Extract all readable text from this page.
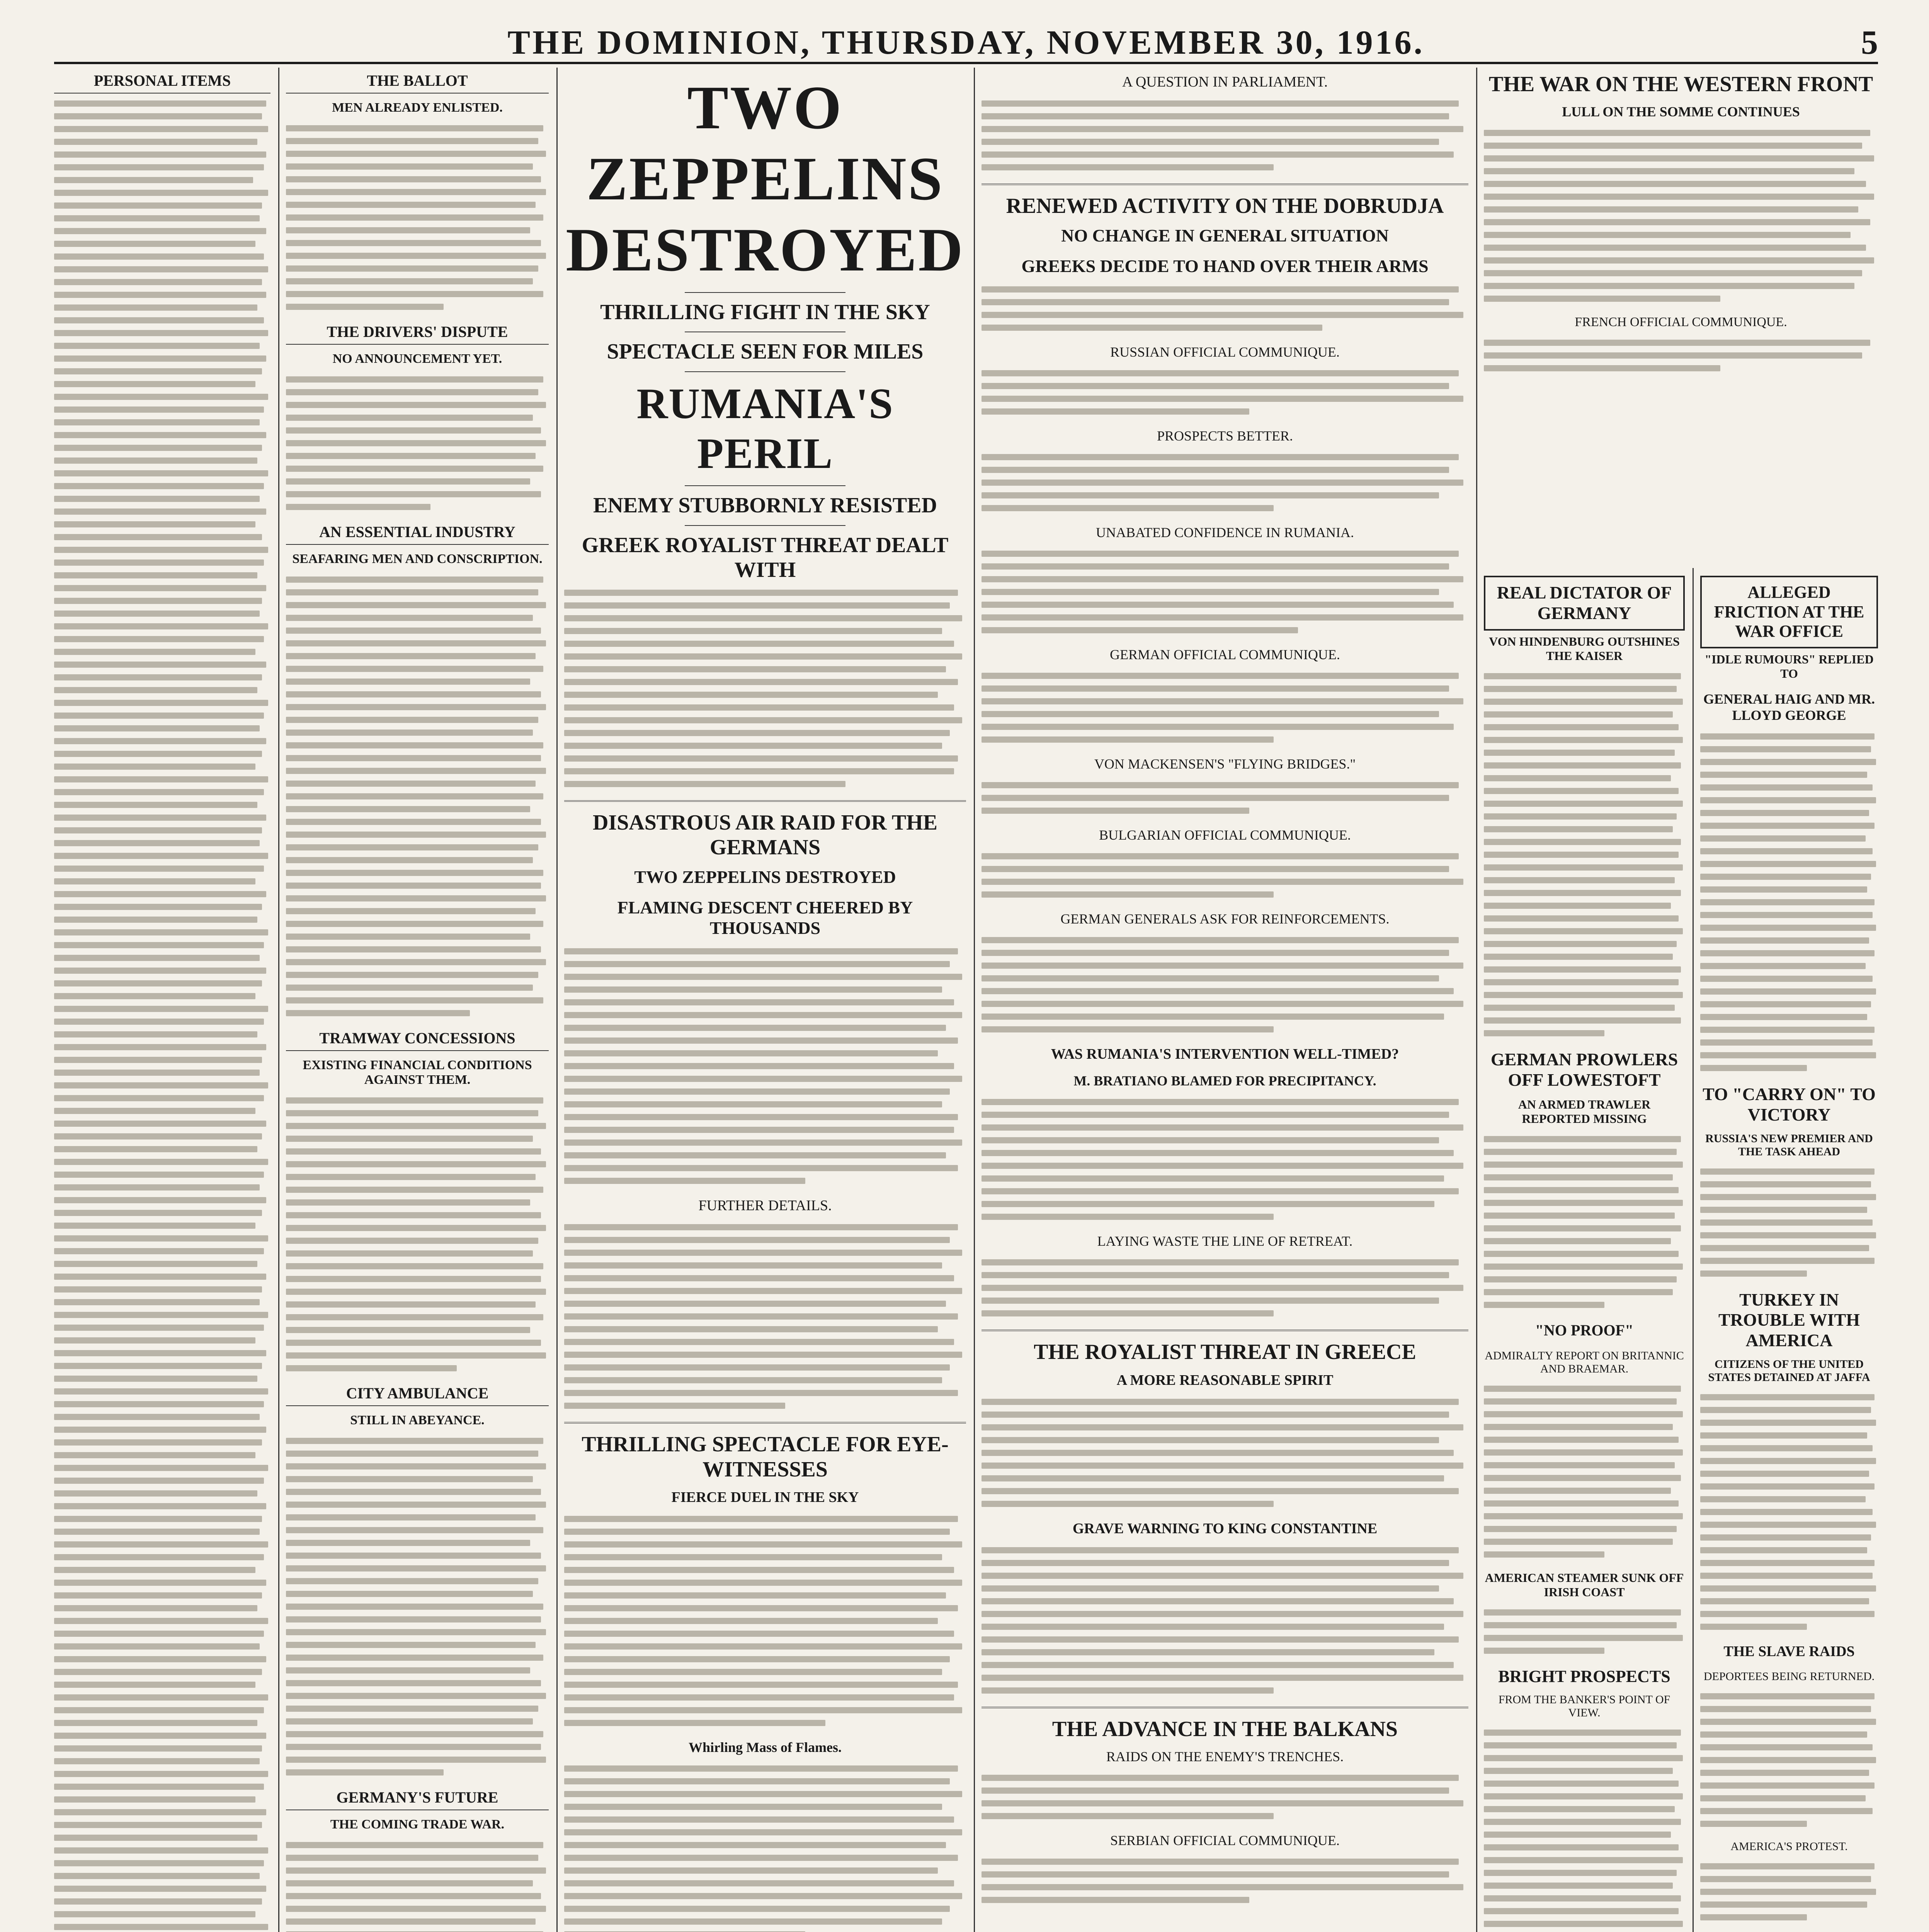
THE DOMINION, THURSDAY, NOVEMBER 30, 1916.	5
PERSONAL ITEMS	THE BALLOT
MEN ALREADY ENLISTED.
THE DRIVERS' DISPUTE
NO ANNOUNCEMENT YET.
AN ESSENTIAL INDUSTRY
SEAFARING MEN AND CONSCRIPTION.
TRAMWAY CONCESSIONS
EXISTING FINANCIAL CONDITIONS AGAINST THEM.
CITY AMBULANCE
STILL IN ABEYANCE.
GERMANY'S FUTURE
THE COMING TRADE WAR.
TWO ZEPPELINS DESTROYED
THRILLING FIGHT IN THE SKY
SPECTACLE SEEN FOR MILES
RUMANIA'S PERIL
ENEMY STUBBORNLY RESISTED
GREEK ROYALIST THREAT DEALT WITH
DISASTROUS AIR RAID FOR THE GERMANS
TWO ZEPPELINS DESTROYED
FLAMING DESCENT CHEERED BY THOUSANDS
FURTHER DETAILS.
THRILLING SPECTACLE FOR EYE-WITNESSES
FIERCE DUEL IN THE SKY
Whirling Mass of Flames.
A QUESTION IN PARLIAMENT.
RENEWED ACTIVITY ON THE DOBRUDJA
NO CHANGE IN GENERAL SITUATION
GREEKS DECIDE TO HAND OVER THEIR ARMS
RUSSIAN OFFICIAL COMMUNIQUE.
PROSPECTS BETTER.
UNABATED CONFIDENCE IN RUMANIA.
GERMAN OFFICIAL COMMUNIQUE.
VON MACKENSEN'S "FLYING BRIDGES."
BULGARIAN OFFICIAL COMMUNIQUE.
GERMAN GENERALS ASK FOR REINFORCEMENTS.
WAS RUMANIA'S INTERVENTION WELL-TIMED?
M. BRATIANO BLAMED FOR PRECIPITANCY.
LAYING WASTE THE LINE OF RETREAT.
THE ROYALIST THREAT IN GREECE
A MORE REASONABLE SPIRIT
GRAVE WARNING TO KING CONSTANTINE
THE ADVANCE IN THE BALKANS
RAIDS ON THE ENEMY'S TRENCHES.
SERBIAN OFFICIAL COMMUNIQUE.
THE WAR ON THE WESTERN FRONT
LULL ON THE SOMME CONTINUES
FRENCH OFFICIAL COMMUNIQUE.
REAL DICTATOR OF GERMANY
VON HINDENBURG OUTSHINES THE KAISER
GERMAN PROWLERS OFF LOWESTOFT
AN ARMED TRAWLER REPORTED MISSING
"NO PROOF"
ADMIRALTY REPORT ON BRITANNIC AND BRAEMAR.
AMERICAN STEAMER SUNK OFF IRISH COAST
BRIGHT PROSPECTS
FROM THE BANKER'S POINT OF VIEW.
ALLEGED FRICTION AT THE WAR OFFICE
"IDLE RUMOURS" REPLIED TO
GENERAL HAIG AND MR. LLOYD GEORGE
TO "CARRY ON" TO VICTORY
RUSSIA'S NEW PREMIER AND THE TASK AHEAD
TURKEY IN TROUBLE WITH AMERICA
CITIZENS OF THE UNITED STATES DETAINED AT JAFFA
THE SLAVE RAIDS
DEPORTEES BEING RETURNED.
AMERICA'S PROTEST.
